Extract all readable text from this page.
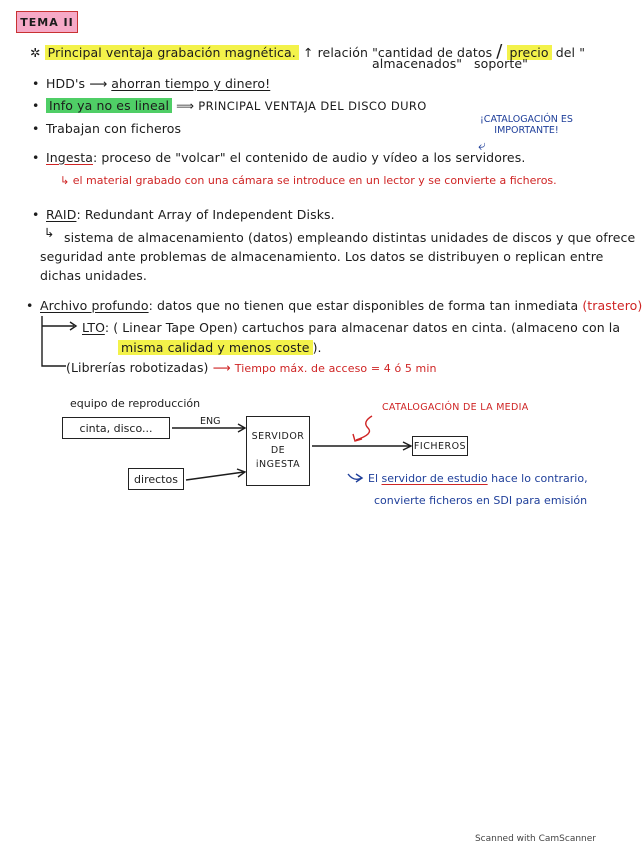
TEMA II
✲ Principal ventaja grabación magnética. ↑ relación "cantidad de datos / precio del "
almacenados" soporte"
• HDD's ⟶ ahorran tiempo y dinero!
• Info ya no es lineal ⟹ PRINCIPAL VENTAJA DEL DISCO DURO
• Trabajan con ficheros
¡CATALOGACIÓN ES
IMPORTANTE!
⤶
• Ingesta: proceso de "volcar" el contenido de audio y vídeo a los servidores.
↳ el material grabado con una cámara se introduce en un lector y se convierte a ficheros.
• RAID: Redundant Array of Independent Disks.
↳ sistema de almacenamiento (datos) empleando distintas unidades de discos y que ofrece
seguridad ante problemas de almacenamiento. Los datos se distribuyen o replican entre
dichas unidades.
• Archivo profundo: datos que no tienen que estar disponibles de forma tan inmediata (trastero)
LTO: ( Linear Tape Open) cartuchos para almacenar datos en cinta. (almaceno con la
misma calidad y menos coste ).
(Librerías robotizadas) ⟶ Tiempo máx. de acceso = 4 ó 5 min
equipo de reproducción
cinta, disco...	ENG
directos
SERVIDOR
DE
iNGESTA
FICHEROS
CATALOGACIÓN DE LA MEDIA
El servidor de estudio hace lo contrario,
convierte ficheros en SDI para emisión
Scanned with CamScanner
